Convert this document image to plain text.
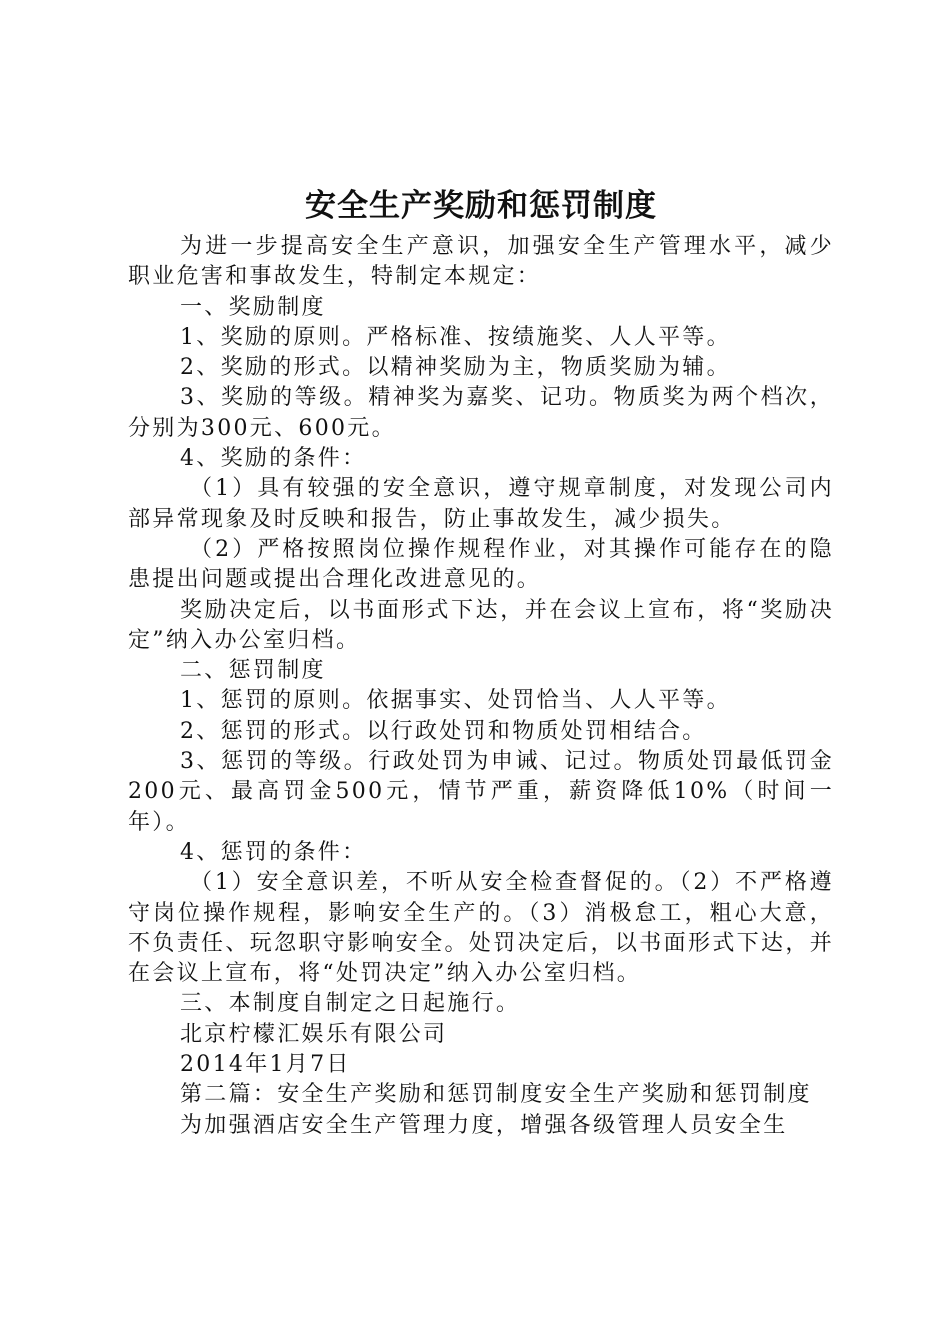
安全生产奖励和惩罚制度

为进一步提高安全生产意识，加强安全生产管理水平，减少职业危害和事故发生，特制定本规定：

一、奖励制度

1、奖励的原则。严格标准、按绩施奖、人人平等。

2、奖励的形式。以精神奖励为主，物质奖励为辅。

3、奖励的等级。精神奖为嘉奖、记功。物质奖为两个档次，分别为300元、600元。

4、奖励的条件：

（1）具有较强的安全意识，遵守规章制度，对发现公司内部异常现象及时反映和报告，防止事故发生，减少损失。

（2）严格按照岗位操作规程作业，对其操作可能存在的隐患提出问题或提出合理化改进意见的。

奖励决定后，以书面形式下达，并在会议上宣布，将“奖励决定”纳入办公室归档。

二、惩罚制度

1、惩罚的原则。依据事实、处罚恰当、人人平等。

2、惩罚的形式。以行政处罚和物质处罚相结合。

3、惩罚的等级。行政处罚为申诫、记过。物质处罚最低罚金200元、最高罚金500元，情节严重，薪资降低10%（时间一年）。

4、惩罚的条件：

（1）安全意识差，不听从安全检查督促的。（2）不严格遵守岗位操作规程，影响安全生产的。（3）消极怠工，粗心大意，不负责任、玩忽职守影响安全。处罚决定后，以书面形式下达，并在会议上宣布，将“处罚决定”纳入办公室归档。

三、本制度自制定之日起施行。

北京柠檬汇娱乐有限公司

2014年1月7日

第二篇：安全生产奖励和惩罚制度安全生产奖励和惩罚制度

为加强酒店安全生产管理力度，增强各级管理人员安全生
